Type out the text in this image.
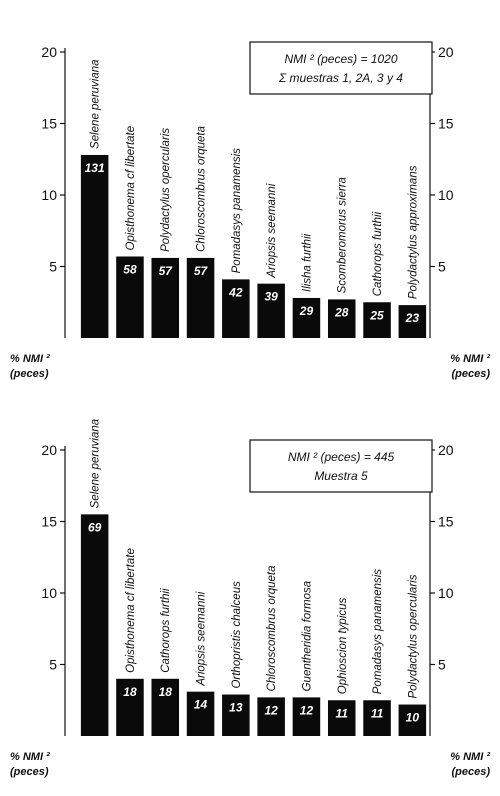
5	5
10	10
15	15
20	20
131
Selene peruviana
58
Opisthonema cf libertate
57
Polydactylus opercularis
57
Chloroscombrus orqueta
42
Pomadasys panamensis
39
Ariopsis seemanni
29
Ilisha furthii
28
Scomberomorus sierra
25
Cathorops furthii
23
Polydactylus approximans
NMI ² (peces) = 1020
Σ muestras 1, 2A, 3 y 4
% NMI ²
(peces)
% NMI ²
(peces)
5	5
10	10
15	15
20	20
69
Selene peruviana
18
Opisthonema cf libertate
18
Cathorops furthii
14
Ariopsis seemanni
13
Orthopristis chalceus
12
Chloroscombrus orqueta
12
Guentheridia formosa
11
Ophioscion typicus
11
Pomadasys panamensis
10
Polydactylus opercularis
NMI ² (peces) = 445
Muestra 5
% NMI ²
(peces)
% NMI ²
(peces)
